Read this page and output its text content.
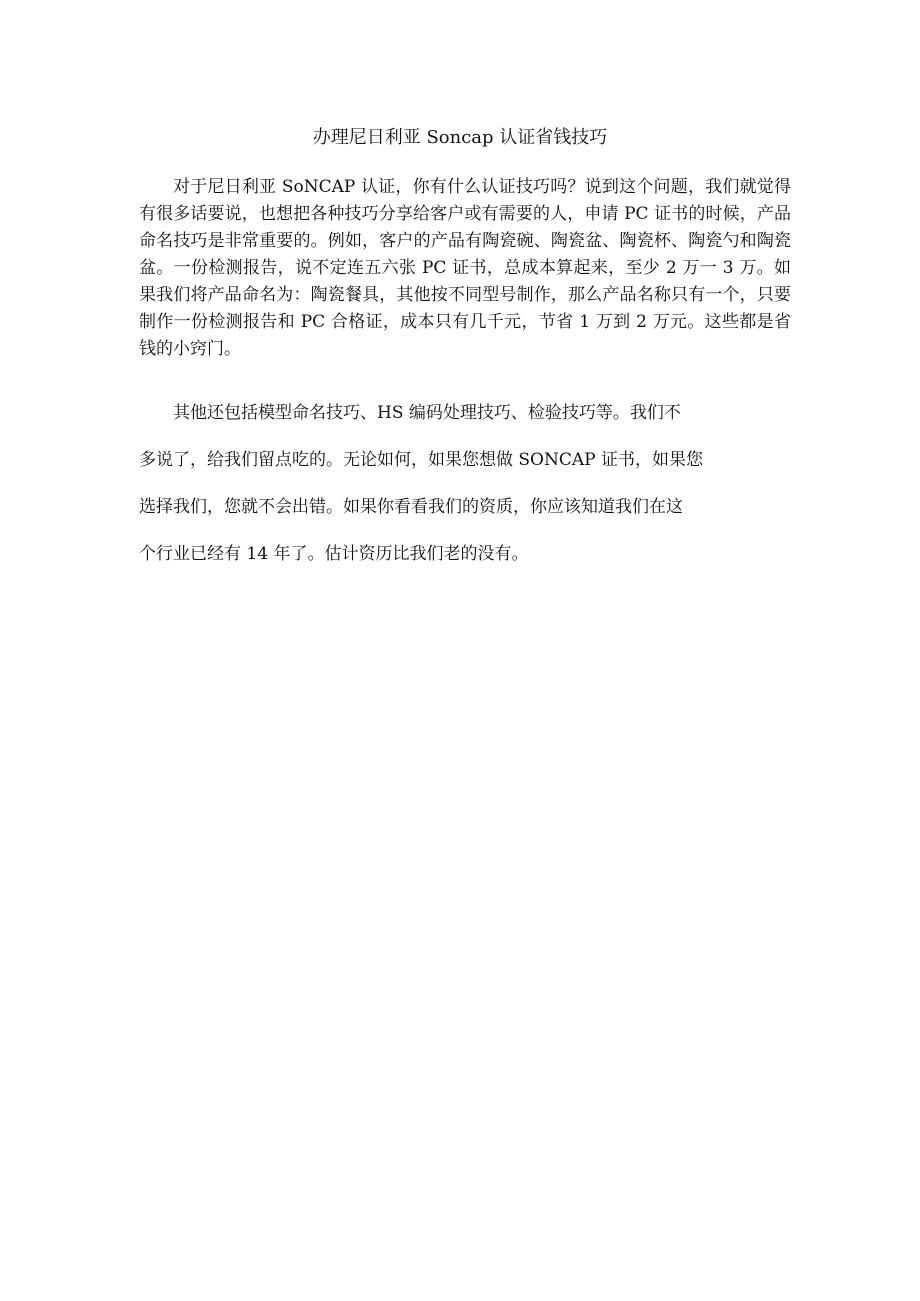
办理尼日利亚 Soncap 认证省钱技巧

对于尼日利亚 SoNCAP 认证，你有什么认证技巧吗？说到这个问题，我们就觉得有很多话要说，也想把各种技巧分享给客户或有需要的人，申请 PC 证书的时候，产品命名技巧是非常重要的。例如，客户的产品有陶瓷碗、陶瓷盆、陶瓷杯、陶瓷勺和陶瓷盆。一份检测报告，说不定连五六张 PC 证书，总成本算起来，至少 2 万一 3 万。如果我们将产品命名为：陶瓷餐具，其他按不同型号制作，那么产品名称只有一个，只要制作一份检测报告和 PC 合格证，成本只有几千元，节省 1 万到 2 万元。这些都是省钱的小窍门。

其他还包括模型命名技巧、HS 编码处理技巧、检验技巧等。我们不
多说了，给我们留点吃的。无论如何，如果您想做 SONCAP 证书，如果您
选择我们，您就不会出错。如果你看看我们的资质，你应该知道我们在这
个行业已经有 14 年了。估计资历比我们老的没有。
